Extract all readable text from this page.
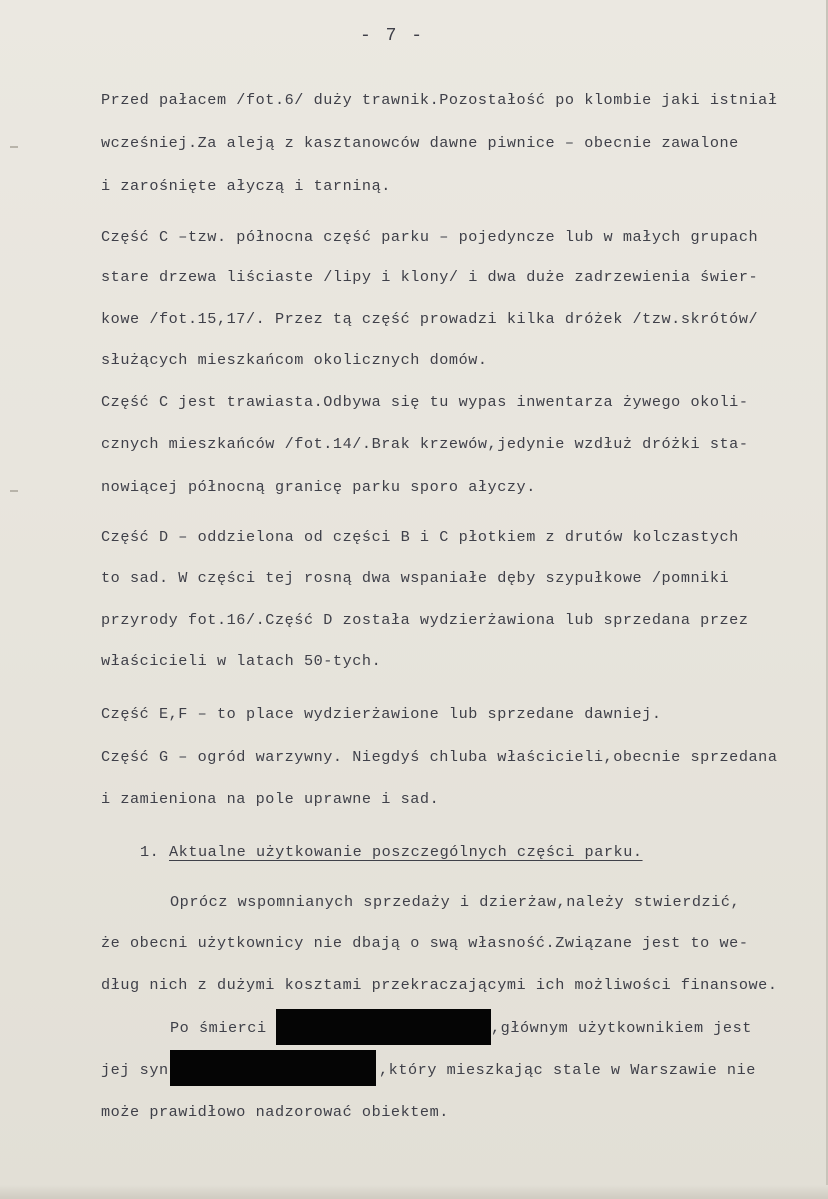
- 7 -
Przed pałacem /fot.6/ duży trawnik.Pozostałość po klombie jaki istniał
wcześniej.Za aleją z kasztanowców dawne piwnice – obecnie zawalone
i zarośnięte ałyczą i tarniną.
Część C –tzw. północna część parku – pojedyncze lub w małych grupach
stare drzewa liściaste /lipy i klony/ i dwa duże zadrzewienia świer-
kowe /fot.15,17/. Przez tą część prowadzi kilka dróżek /tzw.skrótów/
służących mieszkańcom okolicznych domów.
Część C jest trawiasta.Odbywa się tu wypas inwentarza żywego okoli-
cznych mieszkańców /fot.14/.Brak krzewów,jedynie wzdłuż dróżki sta-
nowiącej północną granicę parku sporo ałyczy.
Część D – oddzielona od części B i C płotkiem z drutów kolczastych
to sad. W części tej rosną dwa wspaniałe dęby szypułkowe /pomniki
przyrody fot.16/.Część D została wydzierżawiona lub sprzedana przez
właścicieli w latach 50-tych.
Część E,F – to place wydzierżawione lub sprzedane dawniej.
Część G – ogród warzywny. Niegdyś chluba właścicieli,obecnie sprzedana
i zamieniona na pole uprawne i sad.
1. Aktualne użytkowanie poszczególnych części parku.
Oprócz wspomnianych sprzedaży i dzierżaw,należy stwierdzić,
że obecni użytkownicy nie dbają o swą własność.Związane jest to we-
dług nich z dużymi kosztami przekraczającymi ich możliwości finansowe.
Po śmierci	,głównym użytkownikiem jest
jej syn	,który mieszkając stale w Warszawie nie
może prawidłowo nadzorować obiektem.
